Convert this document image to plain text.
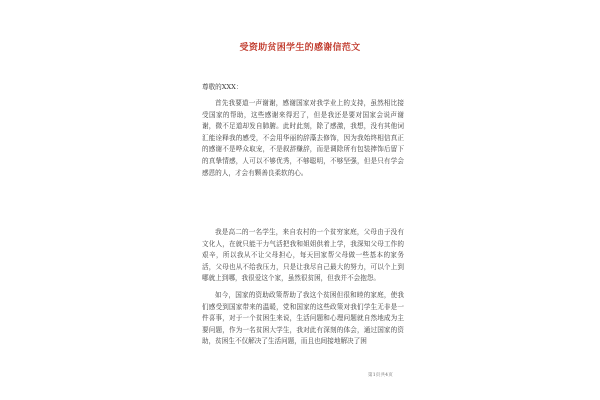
受资助贫困学生的感谢信范文
尊敬的XXX：
首先我要道一声谢谢，感谢国家对我学业上的支持，虽然相比接受国家的帮助，这些感谢来得迟了，但是我还是要对国家会说声谢谢，微不足道却发自肺腑。此时此刻，除了感激，我想，没有其他词汇能诠释我的感受，不会用华丽的辞藻去修饰，因为我始终相信真正的感谢不是哗众取宠，不是叙辞赚辞，而是调除所有包装捧饰后留下的真挚情感，人可以不够优秀，不够聪明，不够坚强，但是只有学会感恩的人，才会有颗善良柔软的心。
我是高二的一名学生，来自农村的一个贫穷家庭，父母由于没有文化人，在就只能干力气活把我和姐姐供着上学，我深知父母工作的艰辛，所以我从不让父母担心，每天回家帮父母做一些基本的家务活，父母也从不给我压力，只是让我尽自己最大的努力，可以个上到哪就上到哪，我很爱这个家，虽然很贫困，但我并不会抱怨。
如今，国家的资助政策帮助了我这个贫困但很和睦的家庭，使我们感受到国家带来的温暖，党和国家的这些政策对我们学生无非是一件喜事，对于一个贫困生来说，生活问题和心理问题就自然地成为主要问题，作为一名贫困大学生，我对此有深刻的体会，通过国家的资助，贫困生不仅解决了生活问题，而且也间接地解决了困
第1页共4页
